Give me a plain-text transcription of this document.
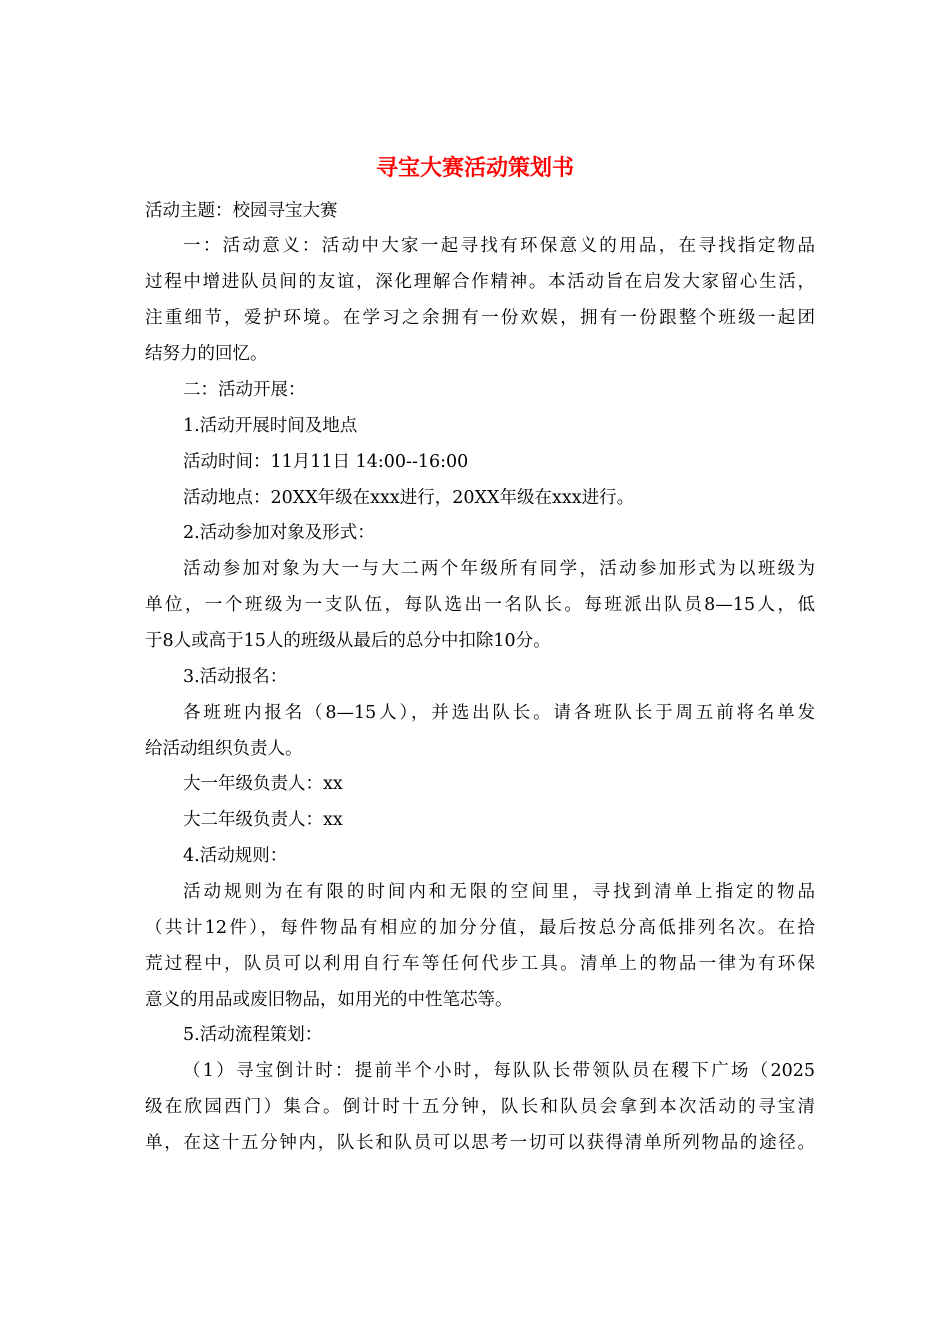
寻宝大赛活动策划书

活动主题：校园寻宝大赛

一：活动意义：活动中大家一起寻找有环保意义的用品，在寻找指定物品

过程中增进队员间的友谊，深化理解合作精神。本活动旨在启发大家留心生活，

注重细节，爱护环境。在学习之余拥有一份欢娱，拥有一份跟整个班级一起团

结努力的回忆。

二：活动开展：

1.活动开展时间及地点

活动时间：11月11日 14:00--16:00

活动地点：20XX年级在xxx进行，20XX年级在xxx进行。

2.活动参加对象及形式：

活动参加对象为大一与大二两个年级所有同学，活动参加形式为以班级为

单位，一个班级为一支队伍，每队选出一名队长。每班派出队员8—15人，低

于8人或高于15人的班级从最后的总分中扣除10分。

3.活动报名：

各班班内报名（8—15人），并选出队长。请各班队长于周五前将名单发

给活动组织负责人。

大一年级负责人：xx

大二年级负责人：xx

4.活动规则：

活动规则为在有限的时间内和无限的空间里，寻找到清单上指定的物品

（共计12件），每件物品有相应的加分分值，最后按总分高低排列名次。在拾

荒过程中，队员可以利用自行车等任何代步工具。清单上的物品一律为有环保

意义的用品或废旧物品，如用光的中性笔芯等。

5.活动流程策划：

（1）寻宝倒计时：提前半个小时，每队队长带领队员在稷下广场（2025

级在欣园西门）集合。倒计时十五分钟，队长和队员会拿到本次活动的寻宝清

单，在这十五分钟内，队长和队员可以思考一切可以获得清单所列物品的途径。
